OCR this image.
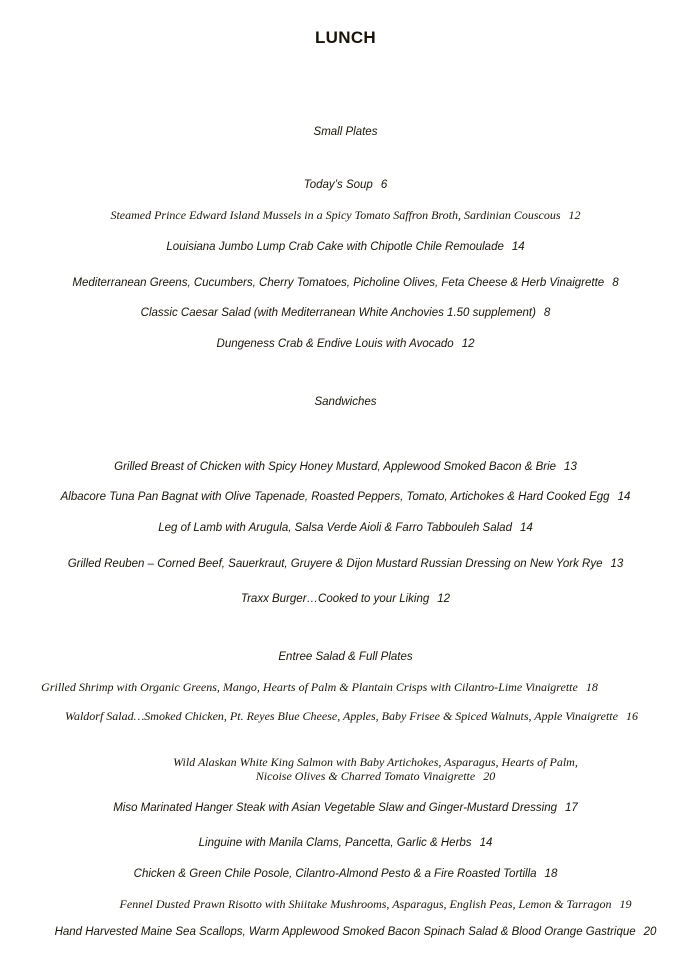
LUNCH
Small Plates
Today’s Soup 6
Steamed Prince Edward Island Mussels in a Spicy Tomato Saffron Broth, Sardinian Couscous 12
Louisiana Jumbo Lump Crab Cake with Chipotle Chile Remoulade 14
Mediterranean Greens, Cucumbers, Cherry Tomatoes, Picholine Olives, Feta Cheese & Herb Vinaigrette 8
Classic Caesar Salad (with Mediterranean White Anchovies 1.50 supplement) 8
Dungeness Crab & Endive Louis with Avocado 12
Sandwiches
Grilled Breast of Chicken with Spicy Honey Mustard, Applewood Smoked Bacon & Brie 13
Albacore Tuna Pan Bagnat with Olive Tapenade, Roasted Peppers, Tomato, Artichokes & Hard Cooked Egg 14
Leg of Lamb with Arugula, Salsa Verde Aioli & Farro Tabbouleh Salad 14
Grilled Reuben – Corned Beef, Sauerkraut, Gruyere & Dijon Mustard Russian Dressing on New York Rye 13
Traxx Burger…Cooked to your Liking 12
Entree Salad & Full Plates
Grilled Shrimp with Organic Greens, Mango, Hearts of Palm & Plantain Crisps with Cilantro-Lime Vinaigrette 18
Waldorf Salad…Smoked Chicken, Pt. Reyes Blue Cheese, Apples, Baby Frisee & Spiced Walnuts, Apple Vinaigrette 16
Wild Alaskan White King Salmon with Baby Artichokes, Asparagus, Hearts of Palm,
Nicoise Olives & Charred Tomato Vinaigrette 20
Miso Marinated Hanger Steak with Asian Vegetable Slaw and Ginger-Mustard Dressing 17
Linguine with Manila Clams, Pancetta, Garlic & Herbs 14
Chicken & Green Chile Posole, Cilantro-Almond Pesto & a Fire Roasted Tortilla 18
Fennel Dusted Prawn Risotto with Shiitake Mushrooms, Asparagus, English Peas, Lemon & Tarragon 19
Hand Harvested Maine Sea Scallops, Warm Applewood Smoked Bacon Spinach Salad & Blood Orange Gastrique 20
